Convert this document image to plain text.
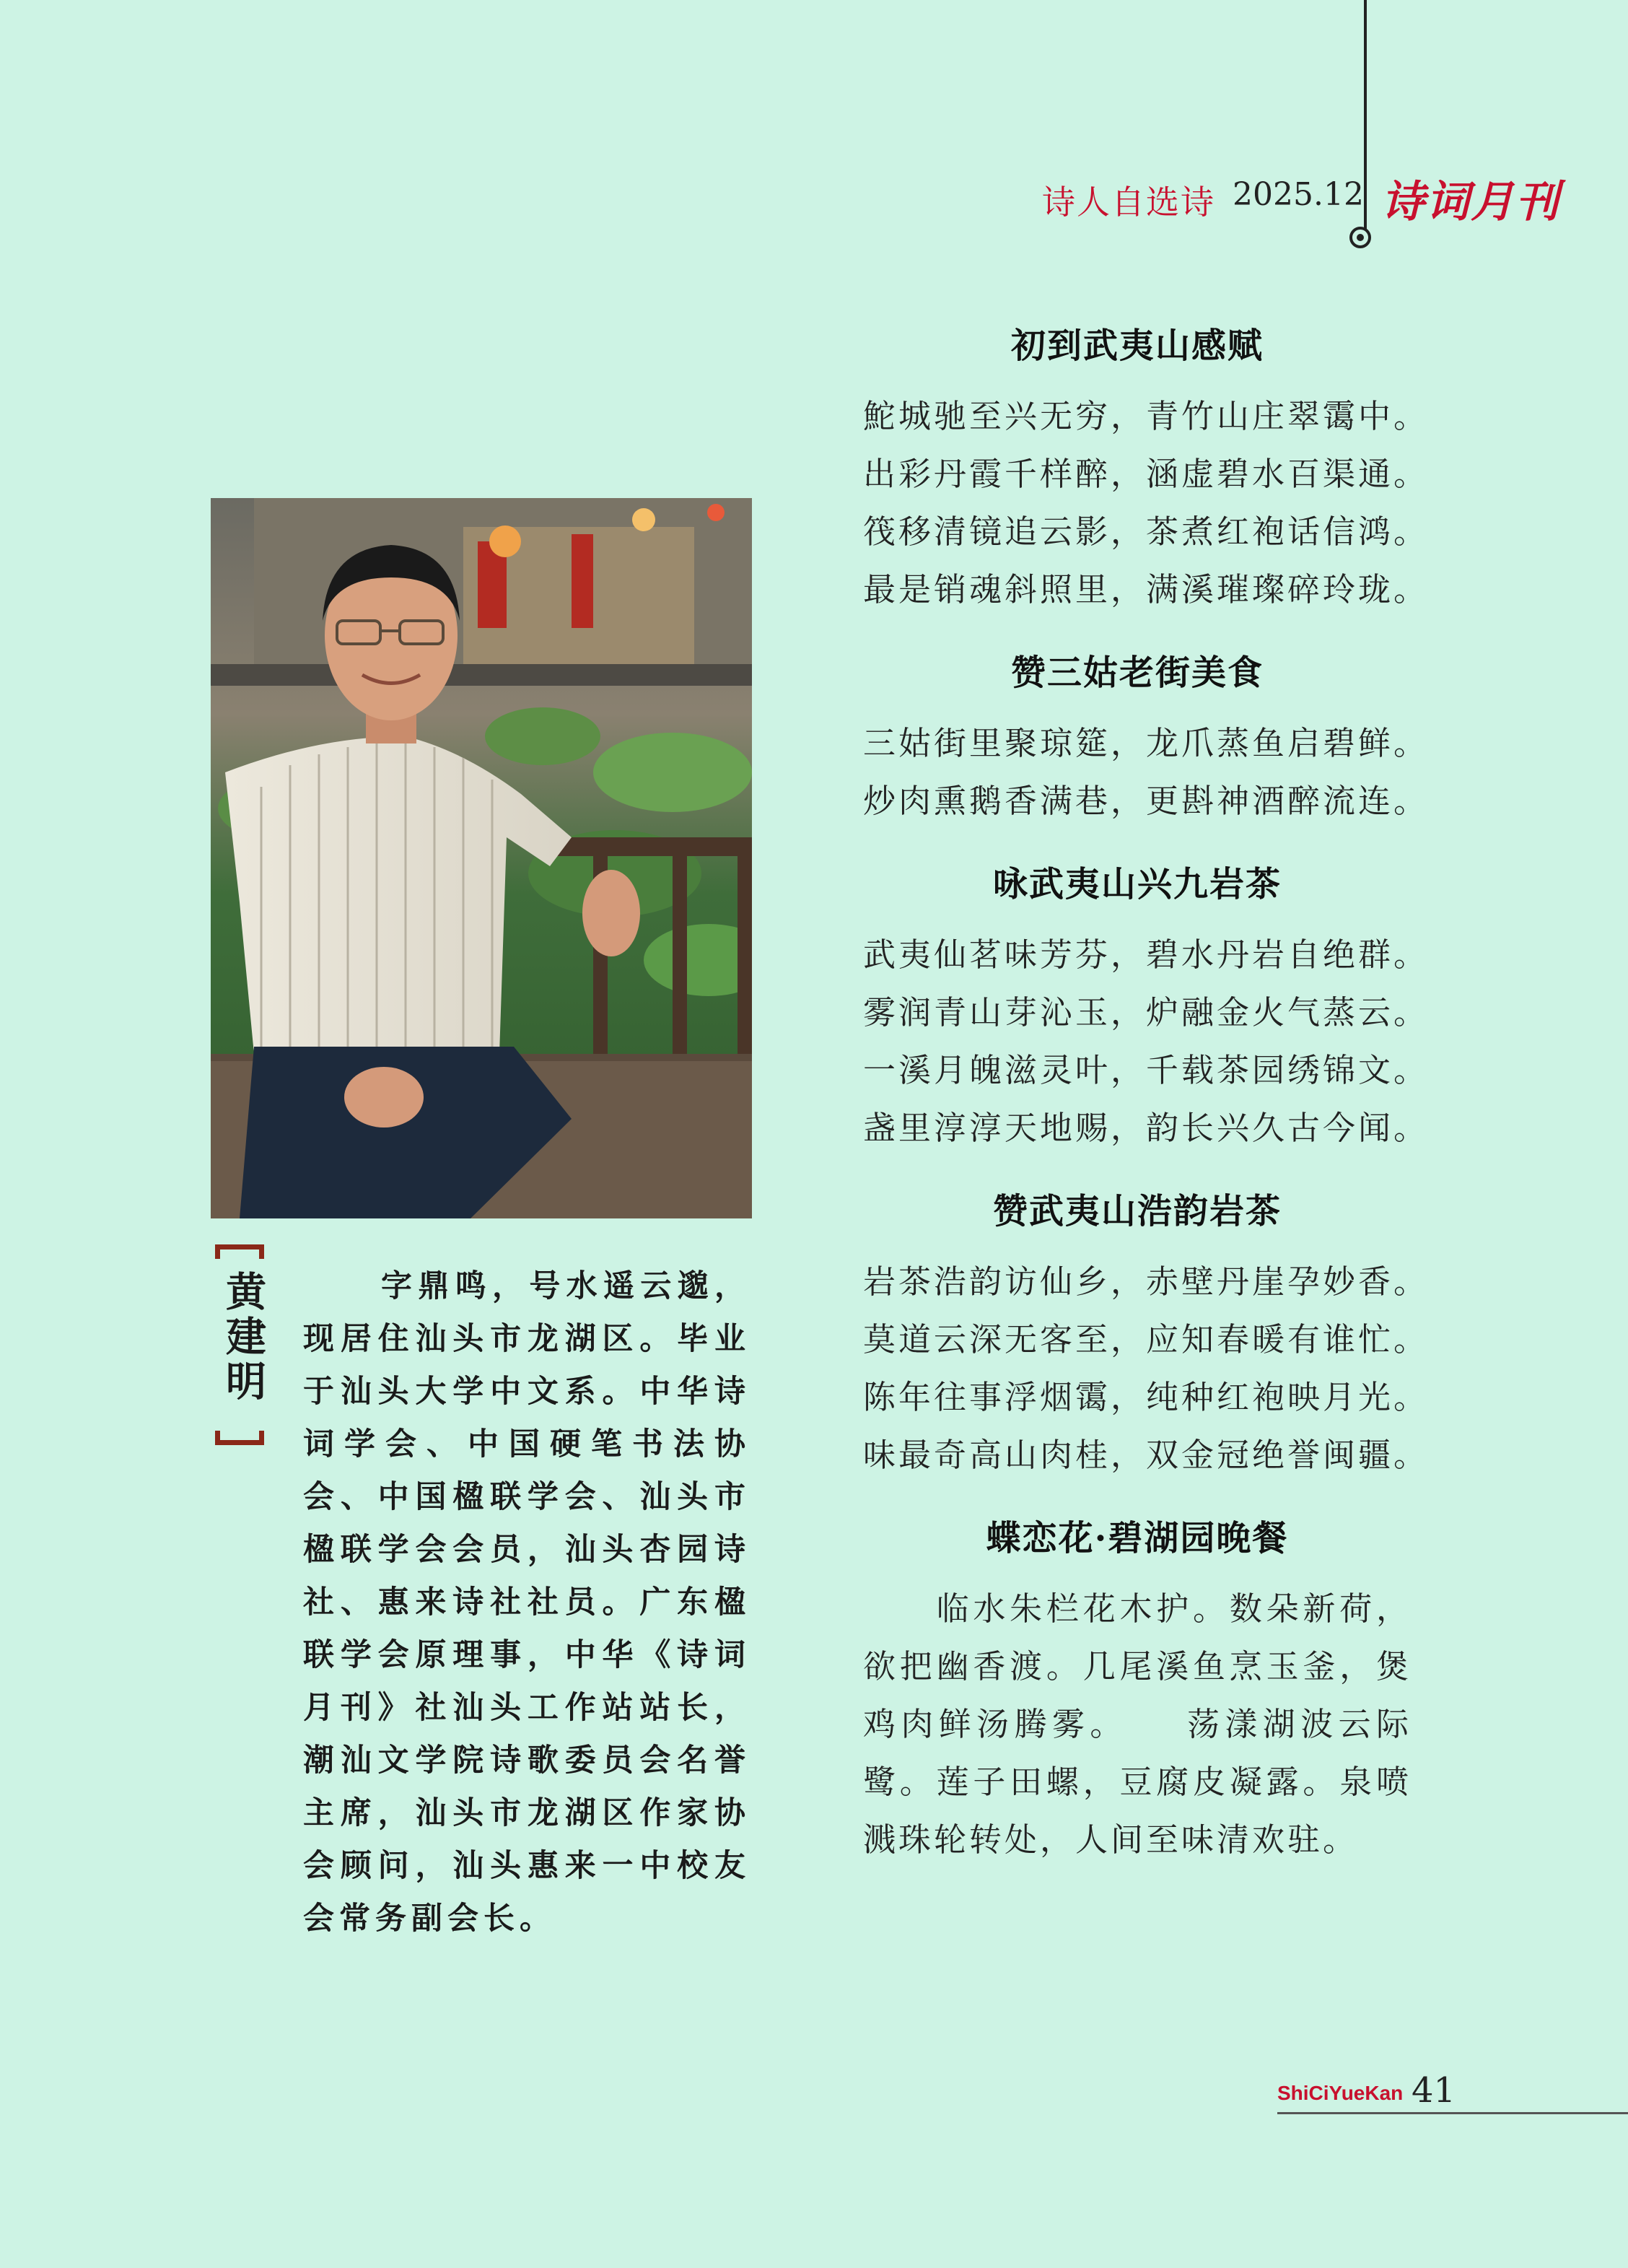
诗人自选诗 2025.12 诗词月刊
黄建明	字鼎鸣，号水遥云邈，现居住汕头市龙湖区。毕业于汕头大学中文系。中华诗词学会、中国硬笔书法协会、中国楹联学会、汕头市楹联学会会员，汕头杏园诗社、惠来诗社社员。广东楹联学会原理事，中华《诗词月刊》社汕头工作站站长，潮汕文学院诗歌委员会名誉主席，汕头市龙湖区作家协会顾问，汕头惠来一中校友会常务副会长。
初到武夷山感赋
鮀城驰至兴无穷，青竹山庄翠霭中。
出彩丹霞千样醉，涵虚碧水百渠通。
筏移清镜追云影，茶煮红袍话信鸿。
最是销魂斜照里，满溪璀璨碎玲珑。
赞三姑老街美食
三姑街里聚琼筵，龙爪蒸鱼启碧鲜。
炒肉熏鹅香满巷，更斟神酒醉流连。
咏武夷山兴九岩茶
武夷仙茗味芳芬，碧水丹岩自绝群。
雾润青山芽沁玉，炉融金火气蒸云。
一溪月魄滋灵叶，千载茶园绣锦文。
盏里淳淳天地赐，韵长兴久古今闻。
赞武夷山浩韵岩茶
岩茶浩韵访仙乡，赤壁丹崖孕妙香。
莫道云深无客至，应知春暖有谁忙。
陈年往事浮烟霭，纯种红袍映月光。
味最奇高山肉桂，双金冠绝誉闽疆。
蝶恋花·碧湖园晚餐
　　临水朱栏花木护。数朵新荷，欲把幽香渡。几尾溪鱼烹玉釜，煲鸡肉鲜汤腾雾。　　荡漾湖波云际鹭。莲子田螺，豆腐皮凝露。泉喷溅珠轮转处，人间至味清欢驻。
ShiCiYueKan 41
